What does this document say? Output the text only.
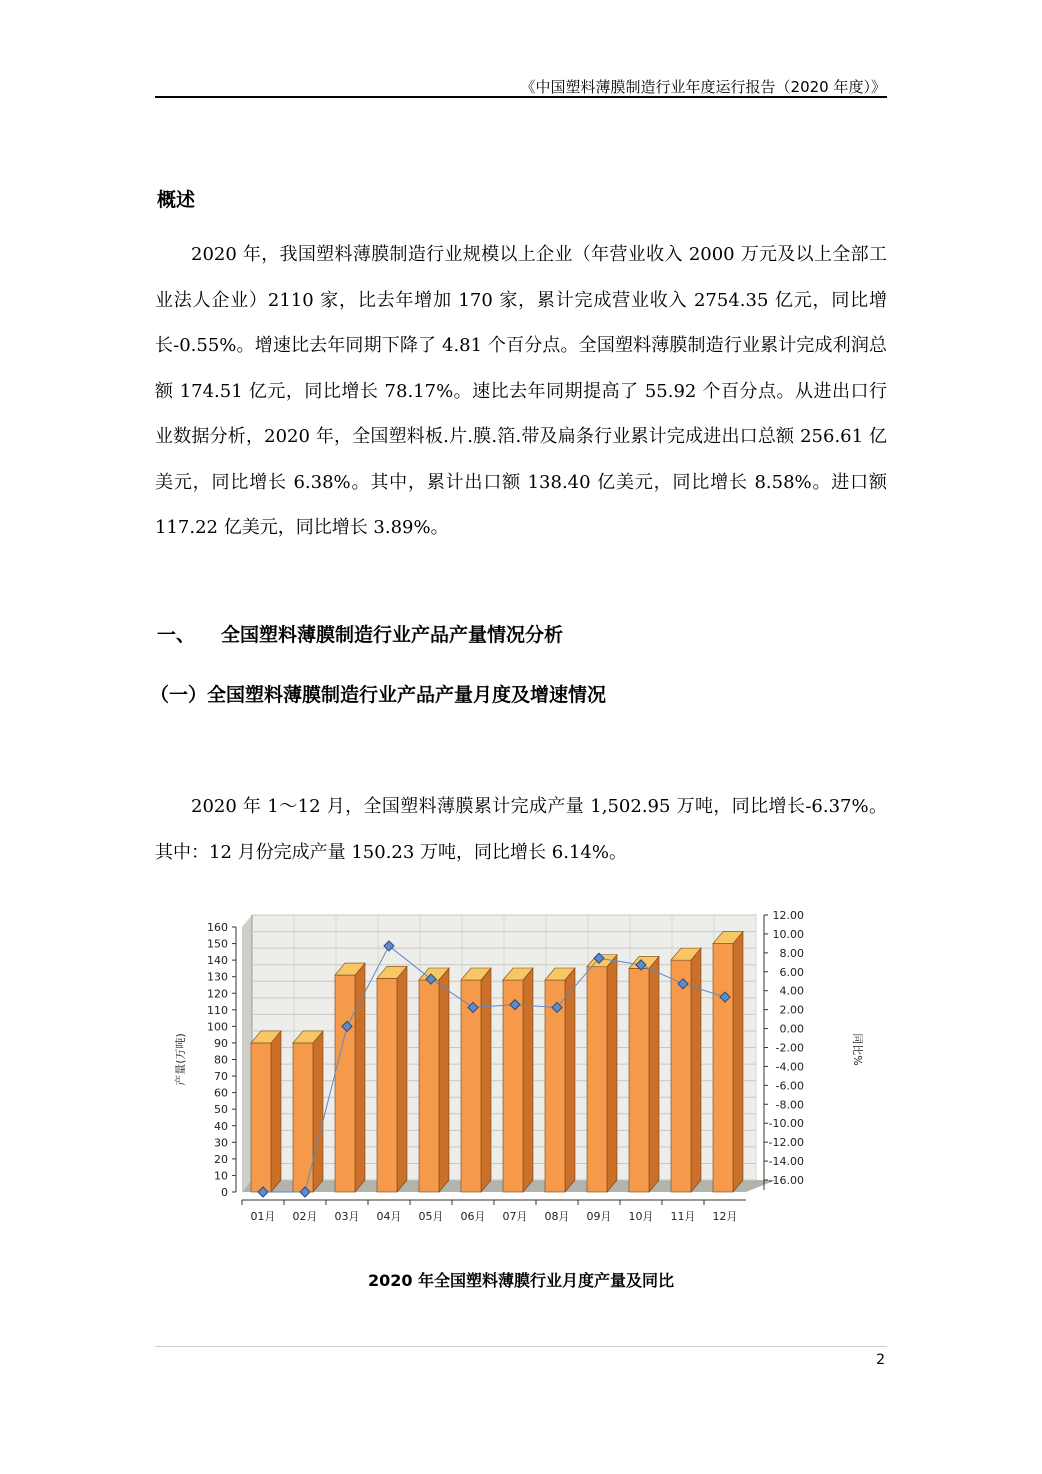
《中国塑料薄膜制造行业年度运行报告（2020 年度）》
概述

2020 年，我国塑料薄膜制造行业规模以上企业（年营业收入 2000 万元及以上全部工业法人企业）2110 家，比去年增加 170 家，累计完成营业收入 2754.35 亿元，同比增长-0.55%。增速比去年同期下降了 4.81 个百分点。全国塑料薄膜制造行业累计完成利润总额 174.51 亿元，同比增长 78.17%。速比去年同期提高了 55.92 个百分点。从进出口行业数据分析，2020 年，全国塑料板.片.膜.箔.带及扁条行业累计完成进出口总额 256.61 亿美元，同比增长 6.38%。其中，累计出口额 138.40 亿美元，同比增长 8.58%。进口额 117.22 亿美元，同比增长 3.89%。

一、	全国塑料薄膜制造行业产品产量情况分析
（一）全国塑料薄膜制造行业产品产量月度及增速情况

2020 年 1～12 月，全国塑料薄膜累计完成产量 1,502.95 万吨，同比增长-6.37%。其中：12 月份完成产量 150.23 万吨，同比增长 6.14%。

0
10
20
30
40
50
60
70
80
90
100
110
120
130
140
150
160
产量(万吨)
-16.00
-14.00
-12.00
-10.00
-8.00
-6.00
-4.00
-2.00
0.00
2.00
4.00
6.00
8.00
10.00
12.00
同比%
01月 02月 03月 04月 05月 06月 07月 08月 09月 10月 11月 12月
2020 年全国塑料薄膜行业月度产量及同比
2
